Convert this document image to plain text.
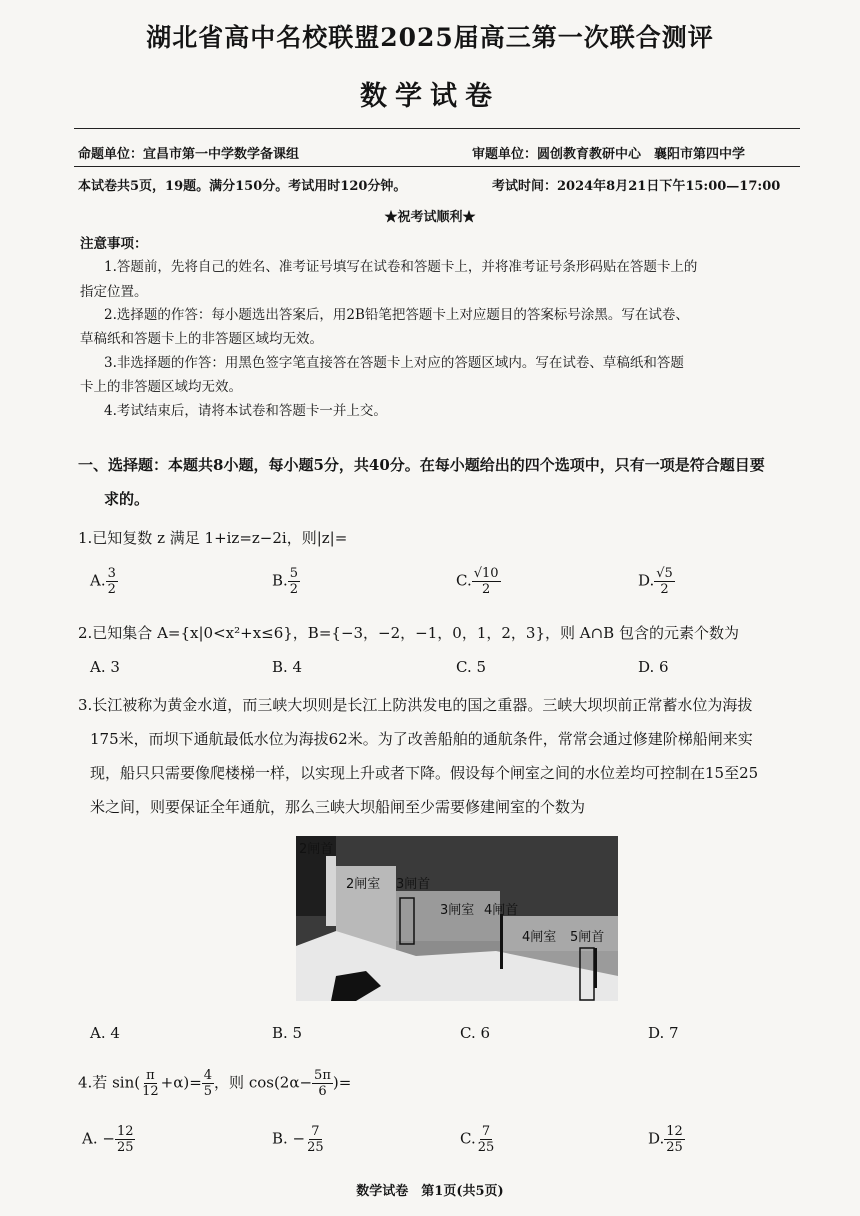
湖北省高中名校联盟2025届高三第一次联合测评
数学试卷
命题单位：宜昌市第一中学数学备课组	审题单位：圆创教育教研中心　襄阳市第四中学
本试卷共5页，19题。满分150分。考试用时120分钟。	考试时间：2024年8月21日下午15:00—17:00
★祝考试顺利★
注意事项：
1.答题前，先将自己的姓名、准考证号填写在试卷和答题卡上，并将准考证号条形码贴在答题卡上的
指定位置。
2.选择题的作答：每小题选出答案后，用2B铅笔把答题卡上对应题目的答案标号涂黑。写在试卷、
草稿纸和答题卡上的非答题区域均无效。
3.非选择题的作答：用黑色签字笔直接答在答题卡上对应的答题区域内。写在试卷、草稿纸和答题
卡上的非答题区域均无效。
4.考试结束后，请将本试卷和答题卡一并上交。
一、选择题：本题共8小题，每小题5分，共40分。在每小题给出的四个选项中，只有一项是符合题目要
求的。
1.已知复数 z 满足 1+iz=z−2i，则|z|=
A. $\frac{3}{2}$	B. $\frac{5}{2}$	C. $\frac{√10}{2}$	D. $\frac{√5}{2}$
2.已知集合 A={x|0<x²+x≤6}，B={−3，−2，−1，0，1，2，3}，则 A∩B 包含的元素个数为
A. 3	B. 4	C. 5	D. 6
3.长江被称为黄金水道，而三峡大坝则是长江上防洪发电的国之重器。三峡大坝坝前正常蓄水位为海拔
175米，而坝下通航最低水位为海拔62米。为了改善船舶的通航条件，常常会通过修建阶梯船闸来实
现，船只只需要像爬楼梯一样，以实现上升或者下降。假设每个闸室之间的水位差均可控制在15至25
米之间，则要保证全年通航，那么三峡大坝船闸至少需要修建闸室的个数为
2闸首
2闸室 3闸首
3闸室 4闸首
4闸室 5闸首
A. 4	B. 5	C. 6	D. 7
4.若 $\sin( \frac{\pi}{12} +\alpha)= \frac{4}{5}$ ，则 $\cos(2\alpha- \frac{5\pi}{6}$ )=
A. − $\frac{12}{25}$	B. − $\frac{7}{25}$	C. $\frac{7}{25}$	D. $\frac{12}{25}$
数学试卷　第1页(共5页)
